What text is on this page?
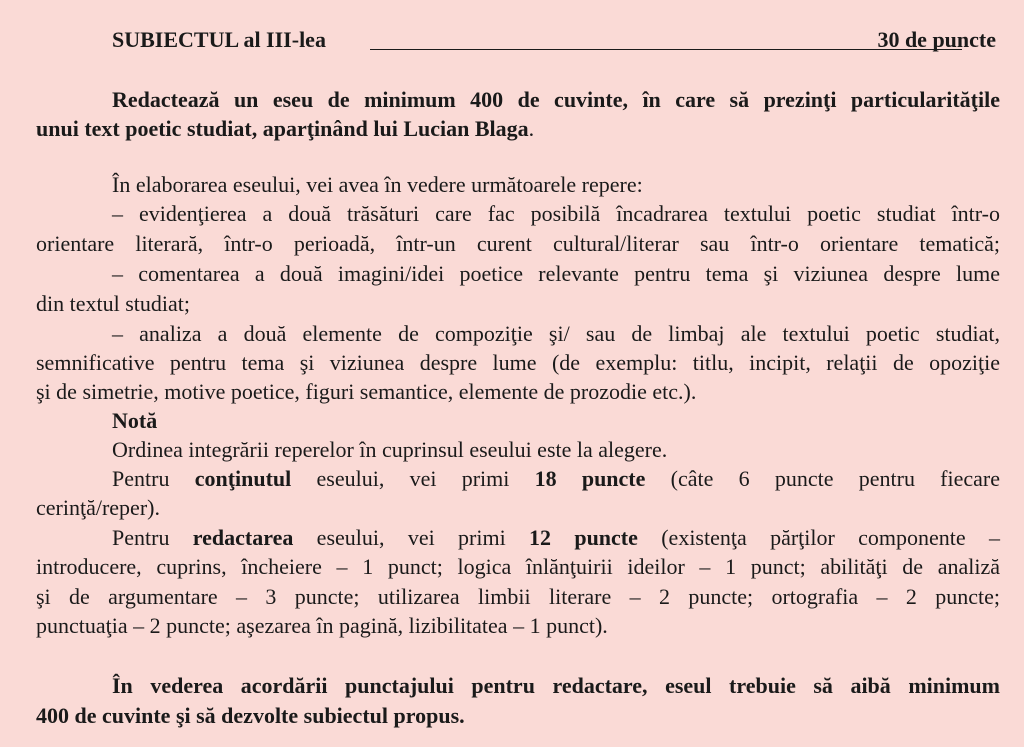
SUBIECTUL al III-lea	30 de puncte
Redactează un eseu de minimum 400 de cuvinte, în care să prezinţi particularităţile
unui text poetic studiat, aparţinând lui Lucian Blaga.
În elaborarea eseului, vei avea în vedere următoarele repere:
– evidenţierea a două trăsături care fac posibilă încadrarea textului poetic studiat într-o
orientare literară, într-o perioadă, într-un curent cultural/literar sau într-o orientare tematică;
– comentarea a două imagini/idei poetice relevante pentru tema şi viziunea despre lume
din textul studiat;
– analiza a două elemente de compoziţie şi/ sau de limbaj ale textului poetic studiat,
semnificative pentru tema şi viziunea despre lume (de exemplu: titlu, incipit, relaţii de opoziţie
şi de simetrie, motive poetice, figuri semantice, elemente de prozodie etc.).
Notă
Ordinea integrării reperelor în cuprinsul eseului este la alegere.
Pentru conţinutul eseului, vei primi 18 puncte (câte 6 puncte pentru fiecare
cerinţă/reper).
Pentru redactarea eseului, vei primi 12 puncte (existenţa părţilor componente –
introducere, cuprins, încheiere – 1 punct; logica înlănţuirii ideilor – 1 punct; abilităţi de analiză
şi de argumentare – 3 puncte; utilizarea limbii literare – 2 puncte; ortografia – 2 puncte;
punctuaţia – 2 puncte; aşezarea în pagină, lizibilitatea – 1 punct).
În vederea acordării punctajului pentru redactare, eseul trebuie să aibă minimum
400 de cuvinte şi să dezvolte subiectul propus.
